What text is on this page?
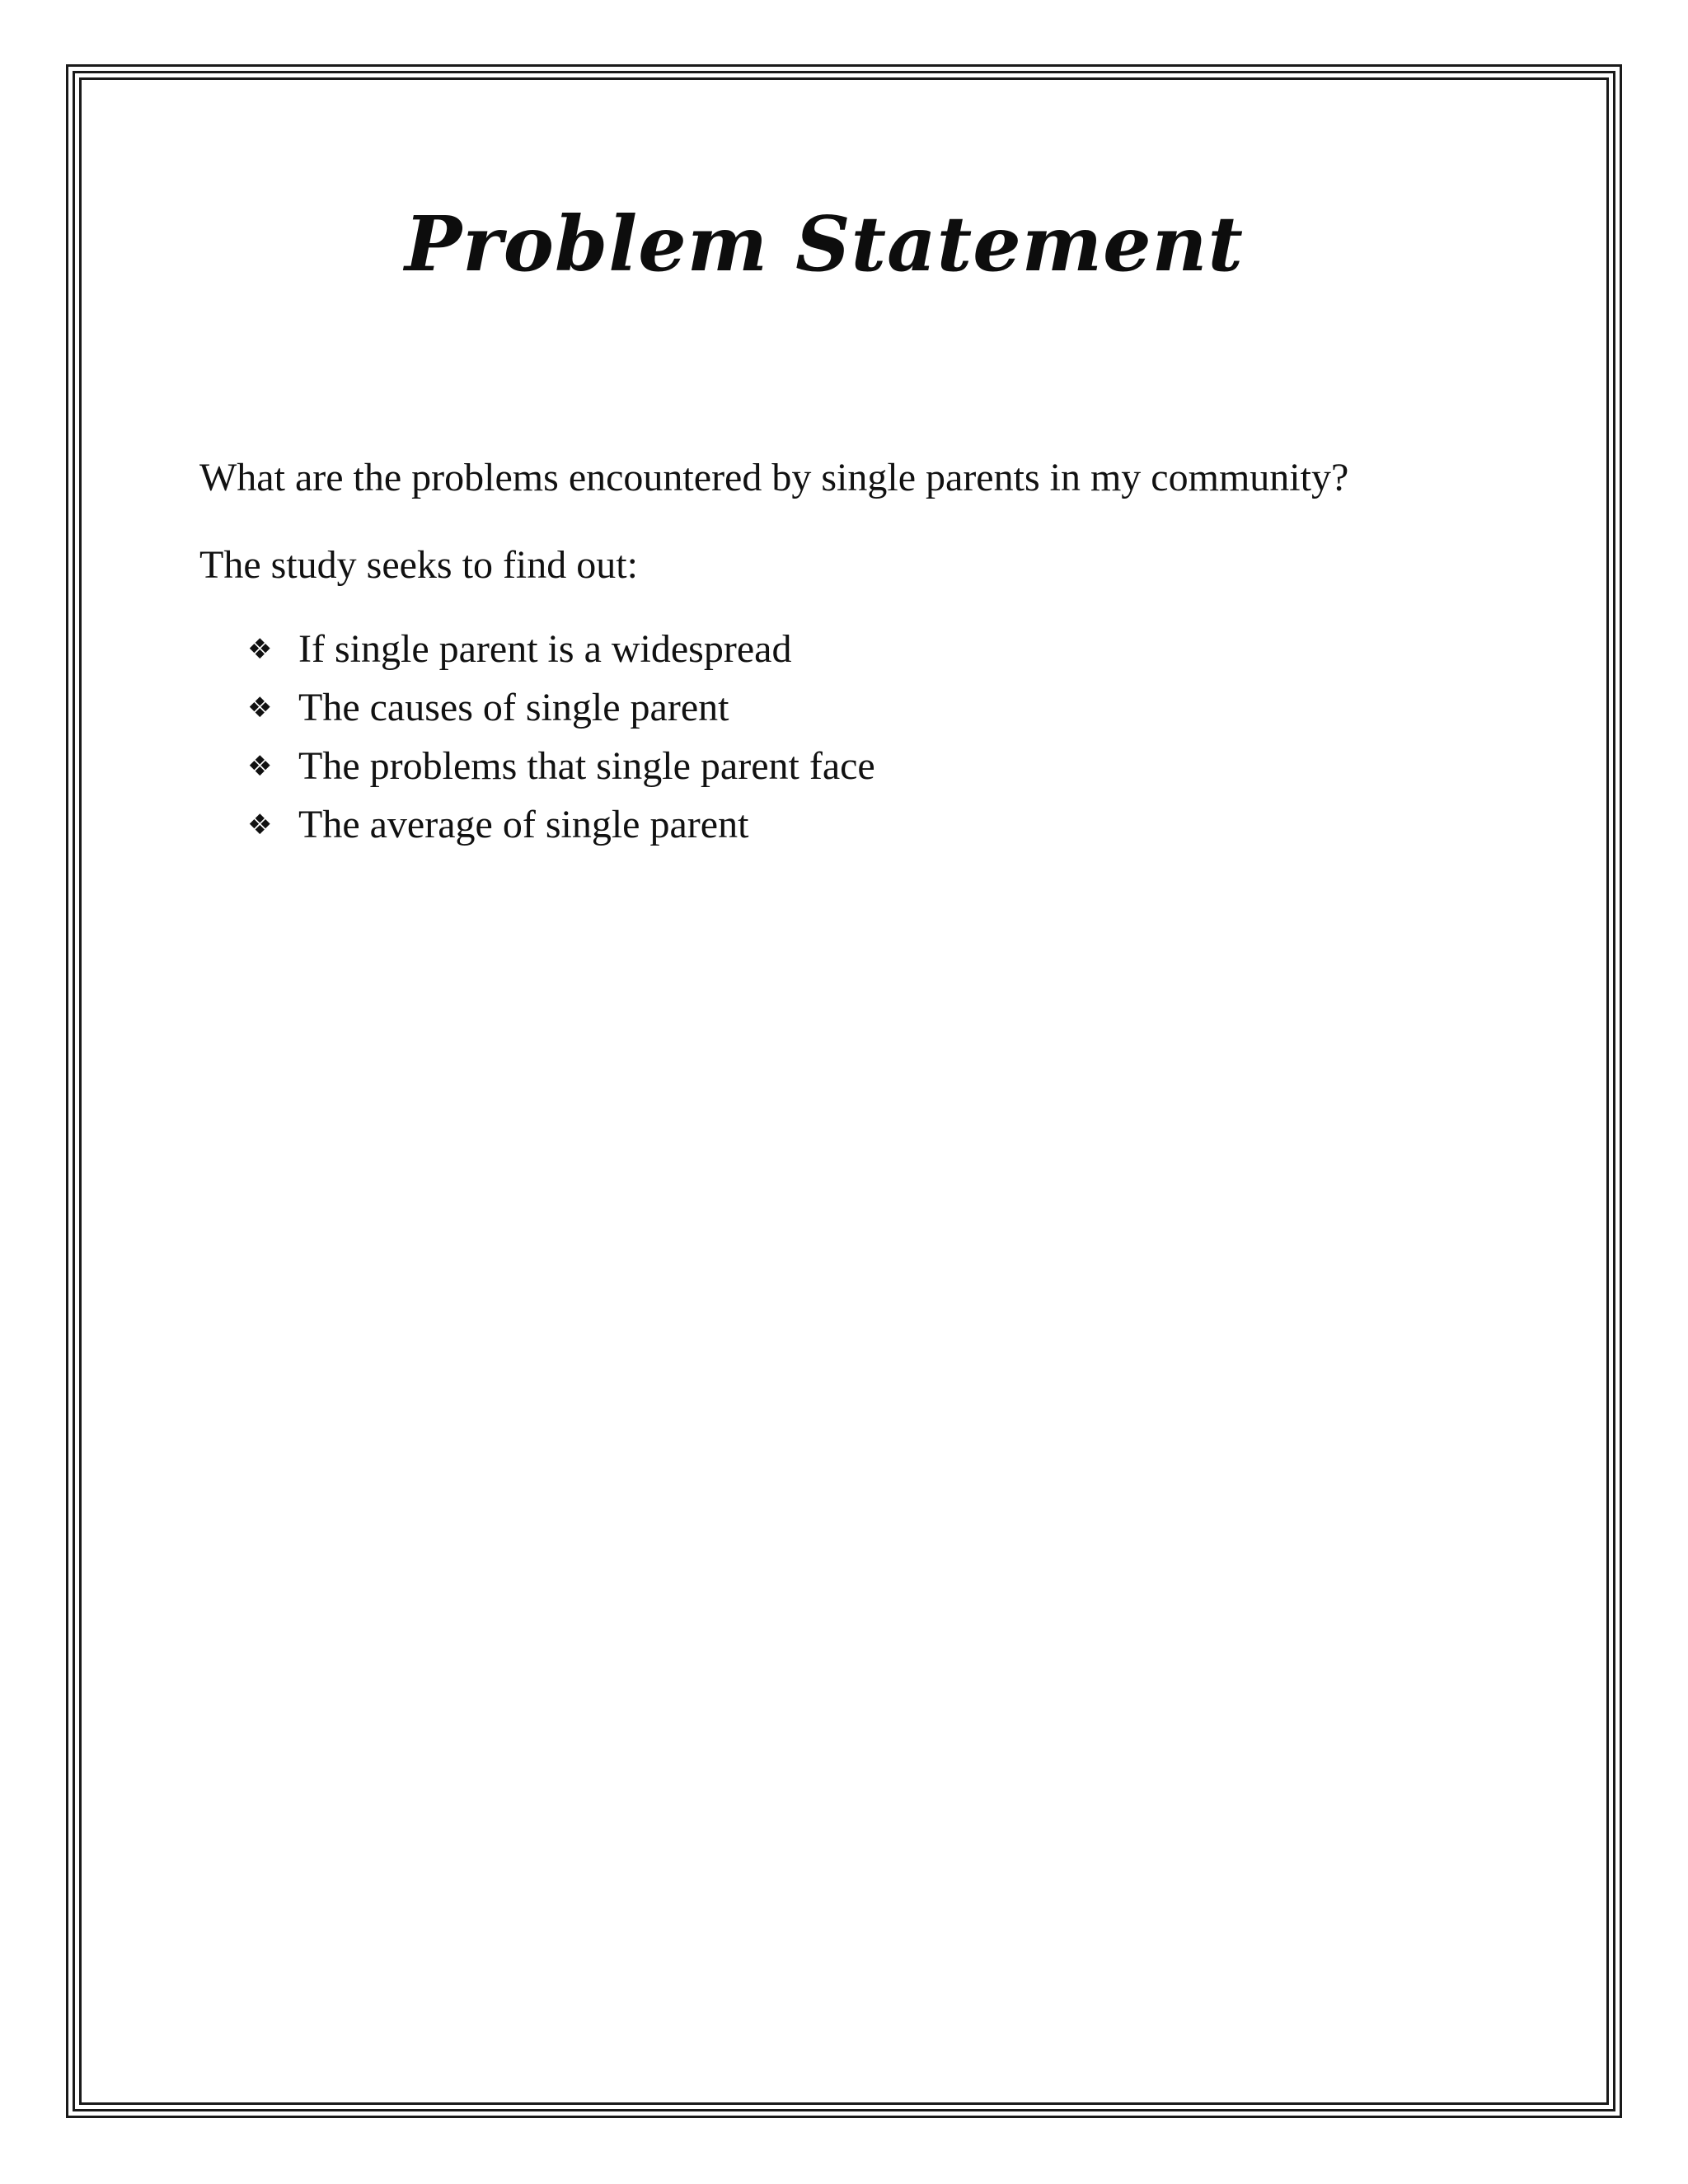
Problem Statement

What are the problems encountered by single parents in my community?

The study seeks to find out:

❖ If single parent is a widespread
❖ The causes of single parent
❖ The problems that single parent face
❖ The average of single parent
